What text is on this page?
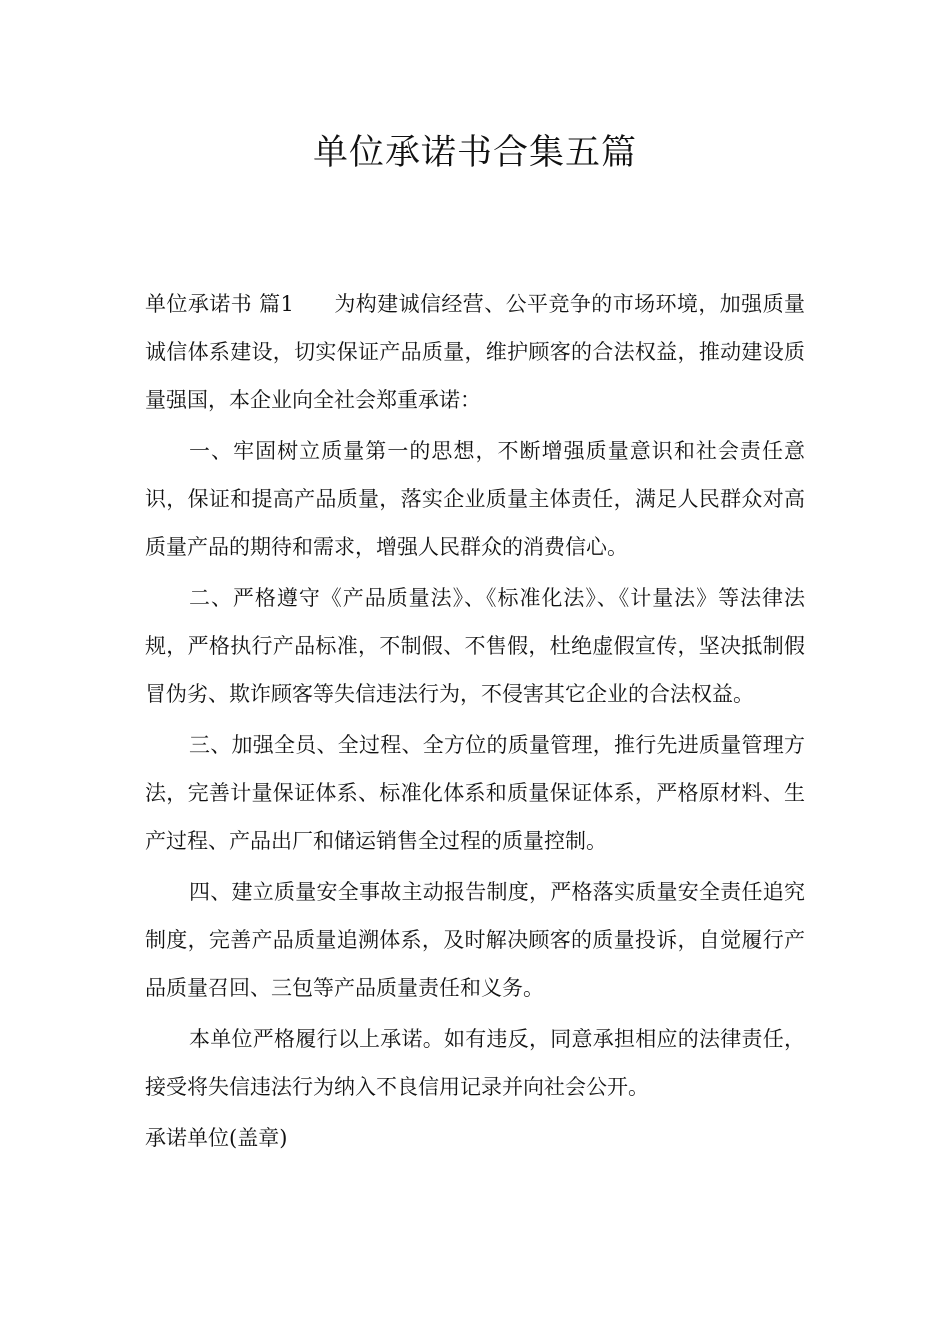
单位承诺书合集五篇

单位承诺书 篇1 为构建诚信经营、公平竞争的市场环境，加强质量诚信体系建设，切实保证产品质量，维护顾客的合法权益，推动建设质量强国，本企业向全社会郑重承诺：

一、牢固树立质量第一的思想，不断增强质量意识和社会责任意识，保证和提高产品质量，落实企业质量主体责任，满足人民群众对高质量产品的期待和需求，增强人民群众的消费信心。

二、严格遵守《产品质量法》、《标准化法》、《计量法》等法律法规，严格执行产品标准，不制假、不售假，杜绝虚假宣传，坚决抵制假冒伪劣、欺诈顾客等失信违法行为，不侵害其它企业的合法权益。

三、加强全员、全过程、全方位的质量管理，推行先进质量管理方法，完善计量保证体系、标准化体系和质量保证体系，严格原材料、生产过程、产品出厂和储运销售全过程的质量控制。

四、建立质量安全事故主动报告制度，严格落实质量安全责任追究制度，完善产品质量追溯体系，及时解决顾客的质量投诉，自觉履行产品质量召回、三包等产品质量责任和义务。

本单位严格履行以上承诺。如有违反，同意承担相应的法律责任，接受将失信违法行为纳入不良信用记录并向社会公开。

承诺单位(盖章)
